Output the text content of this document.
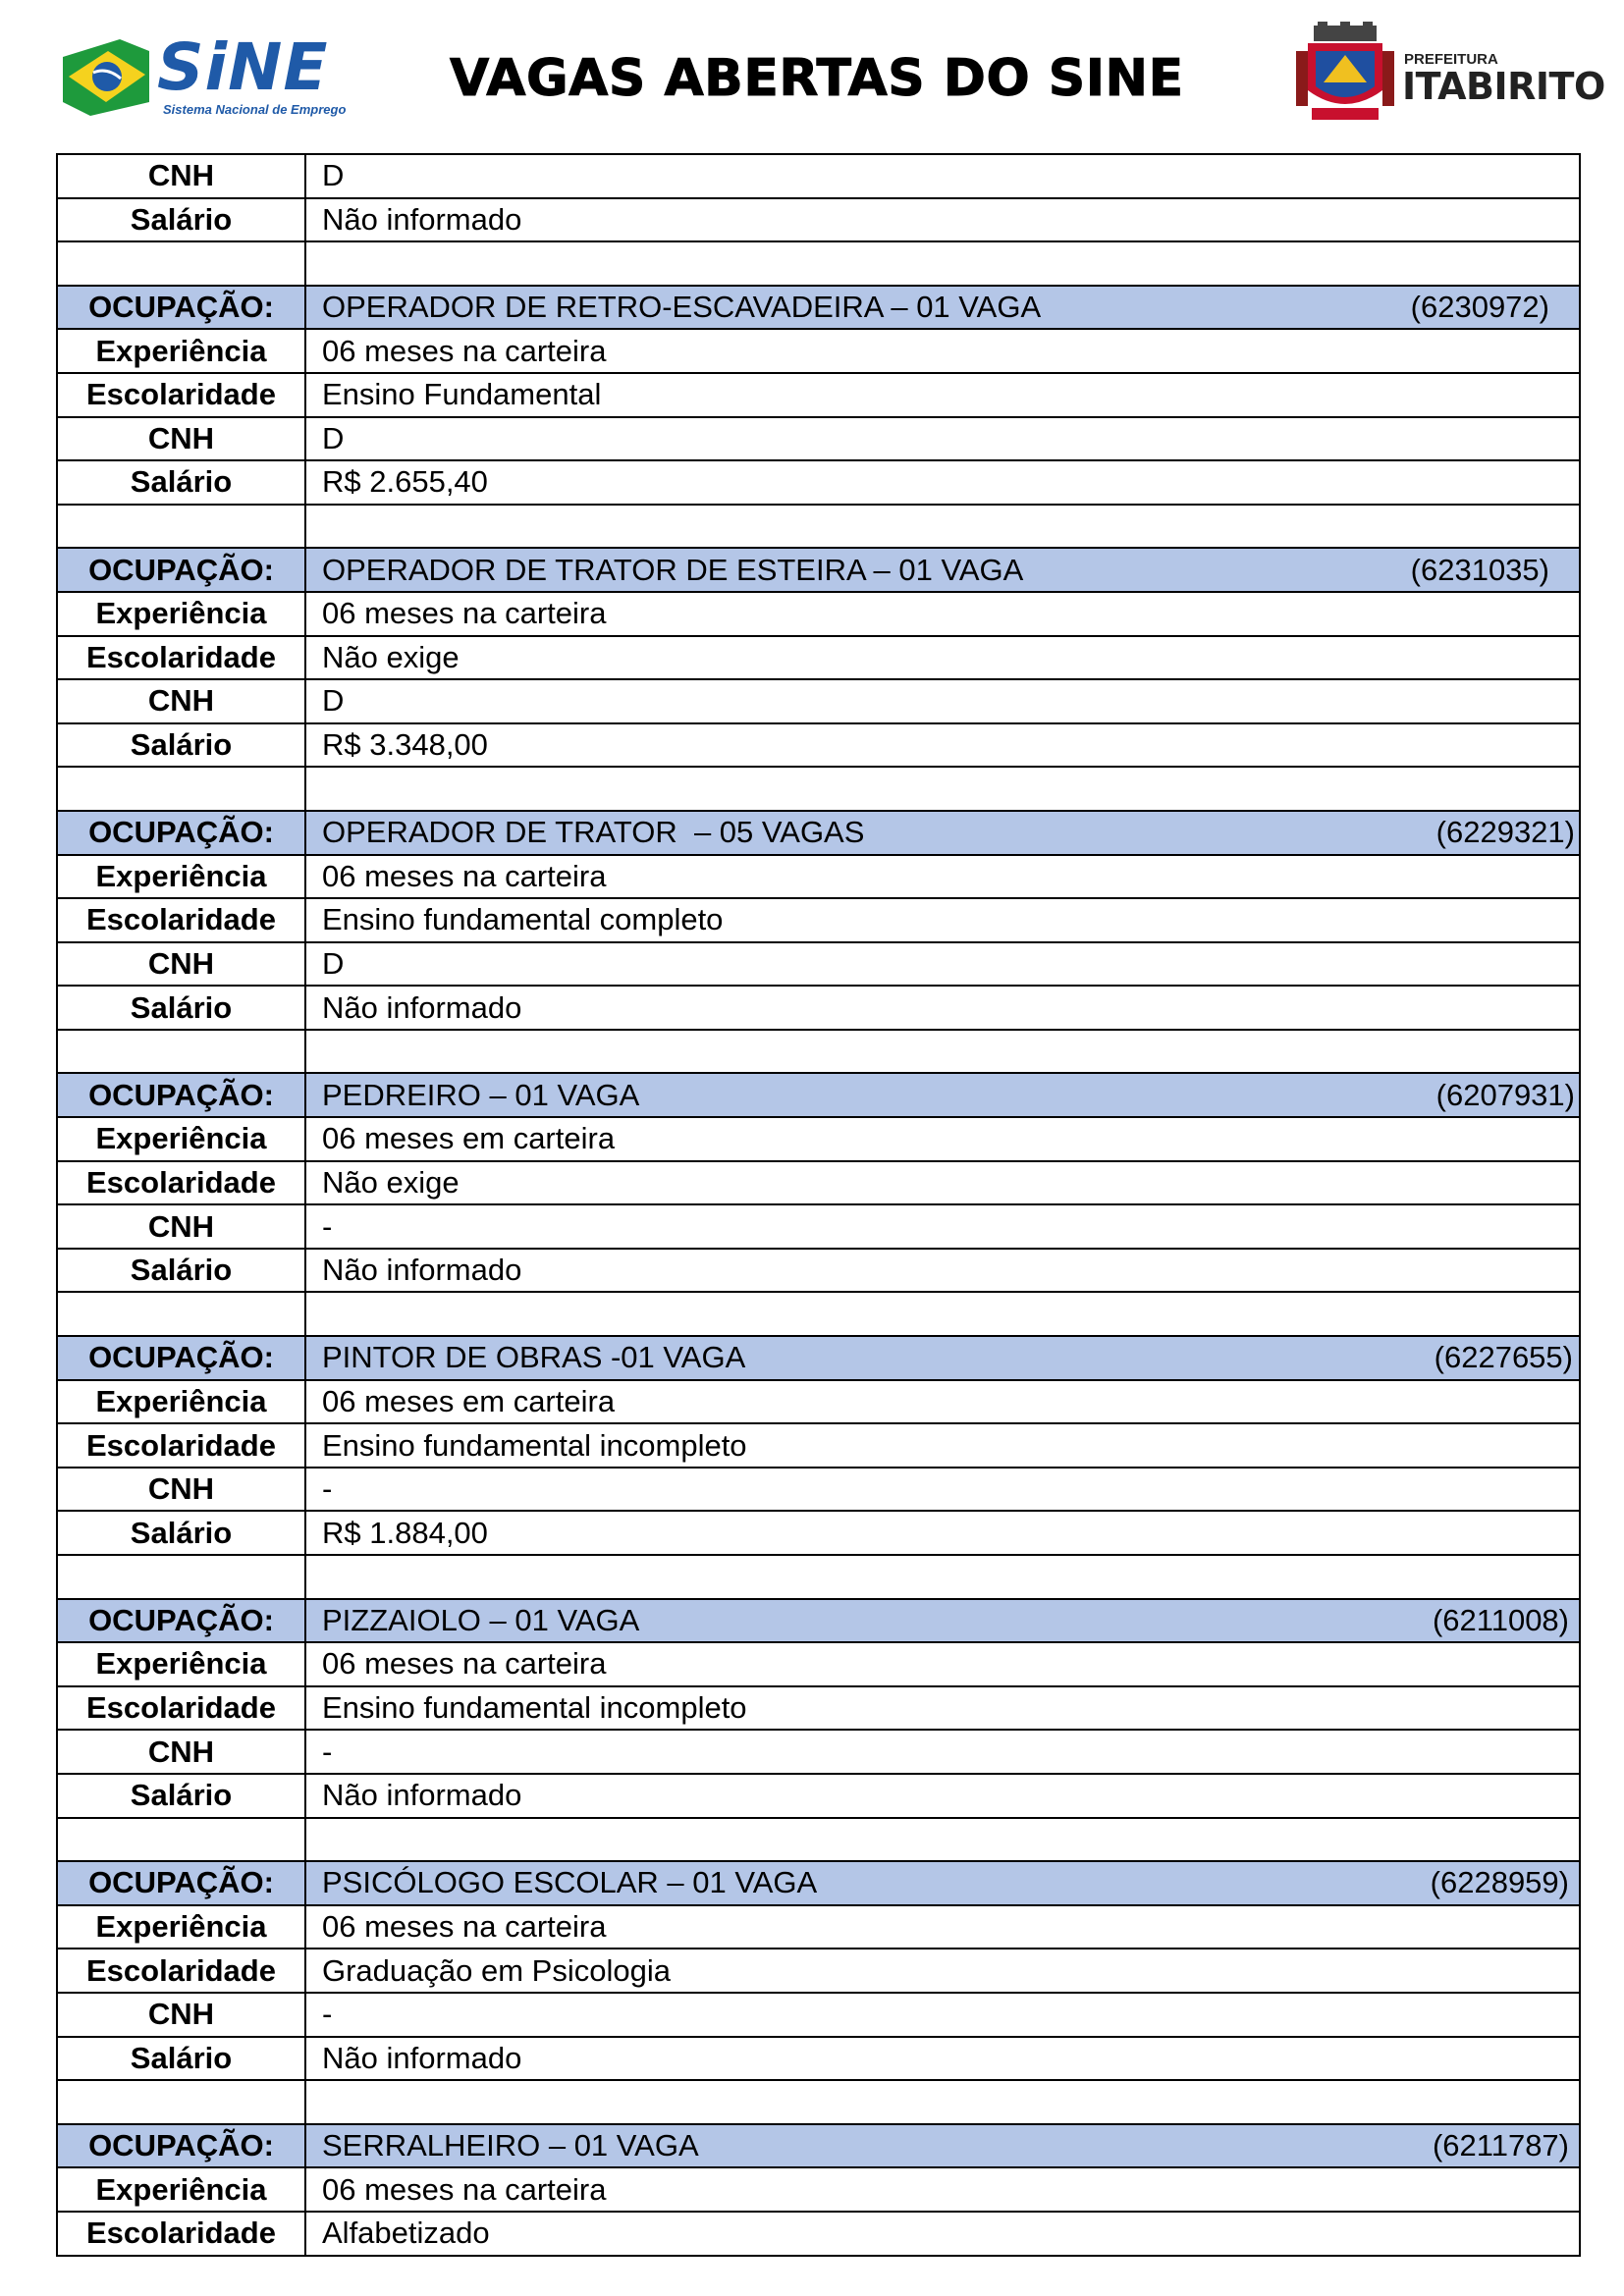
SiNE
Sistema Nacional de Emprego
VAGAS ABERTAS DO SINE	PREFEITURA
ITABIRITO
CNH	D
Salário	Não informado

OCUPAÇÃO:	OPERADOR DE RETRO-ESCAVADEIRA – 01 VAGA (6230972)

Experiência	06 meses na carteira
Escolaridade	Ensino Fundamental
CNH	D
Salário	R$ 2.655,40

OCUPAÇÃO:	OPERADOR DE TRATOR DE ESTEIRA – 01 VAGA (6231035)

Experiência	06 meses na carteira
Escolaridade	Não exige
CNH	D
Salário	R$ 3.348,00

OCUPAÇÃO:	OPERADOR DE TRATOR  – 05 VAGAS (6229321)

Experiência	06 meses na carteira
Escolaridade	Ensino fundamental completo
CNH	D
Salário	Não informado

OCUPAÇÃO:	PEDREIRO – 01 VAGA (6207931)

Experiência	06 meses em carteira
Escolaridade	Não exige
CNH	-
Salário	Não informado

OCUPAÇÃO:	PINTOR DE OBRAS -01 VAGA (6227655)

Experiência	06 meses em carteira
Escolaridade	Ensino fundamental incompleto
CNH	-
Salário	R$ 1.884,00

OCUPAÇÃO:	PIZZAIOLO – 01 VAGA (6211008)

Experiência	06 meses na carteira
Escolaridade	Ensino fundamental incompleto
CNH	-
Salário	Não informado

OCUPAÇÃO:	PSICÓLOGO ESCOLAR – 01 VAGA (6228959)

Experiência	06 meses na carteira
Escolaridade	Graduação em Psicologia
CNH	-
Salário	Não informado

OCUPAÇÃO:	SERRALHEIRO – 01 VAGA (6211787)

Experiência	06 meses na carteira
Escolaridade	Alfabetizado
